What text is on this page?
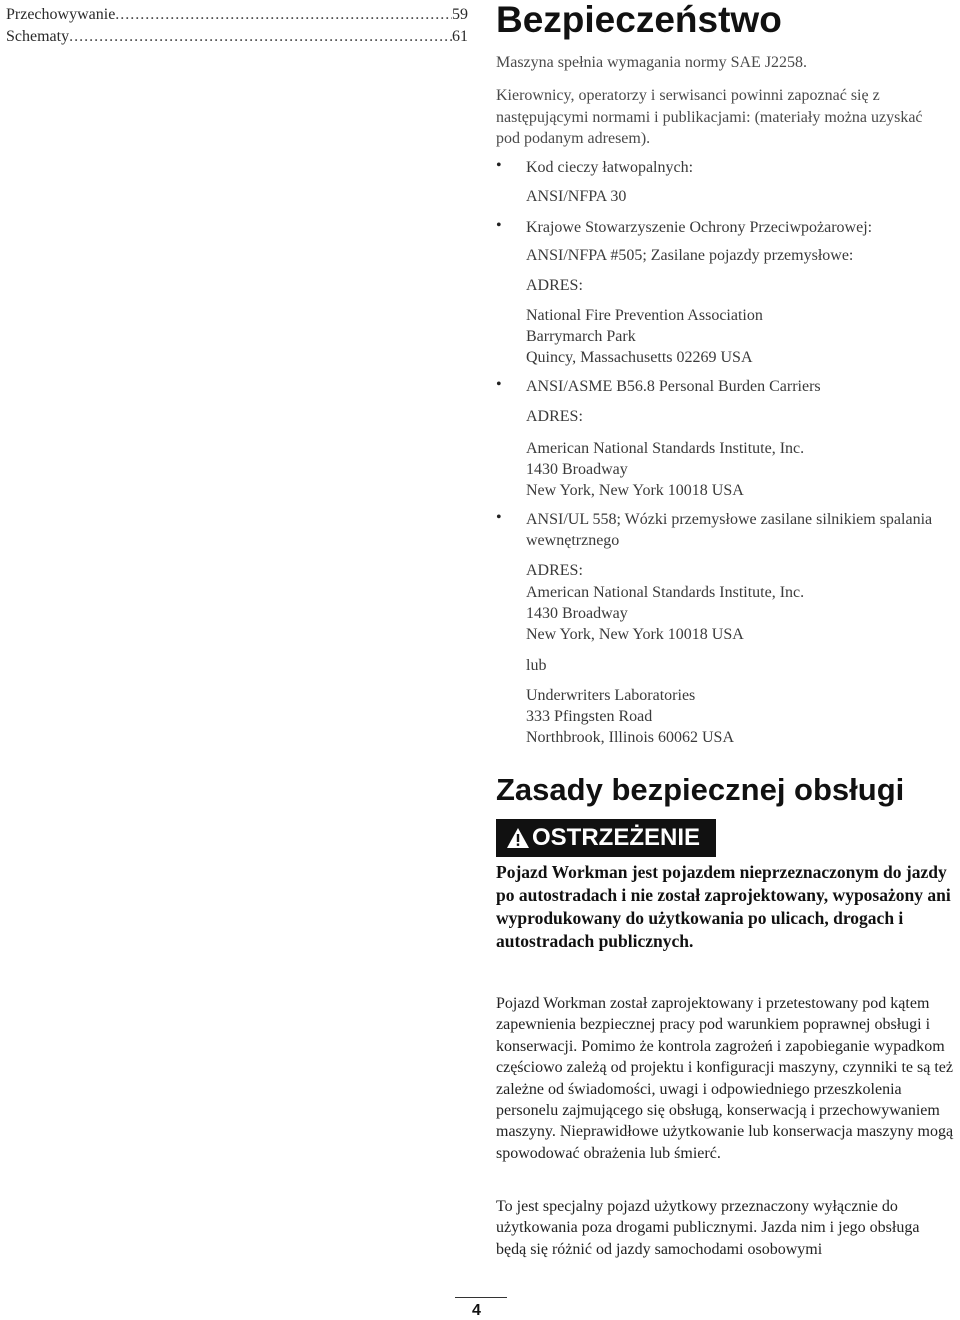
Przechowywanie .....	59
Schematy .....	61 Bezpieczeństwo

Maszyna spełnia wymagania normy SAE J2258.

Kierownicy, operatorzy i serwisanci powinni zapoznać się z następującymi normami i publikacjami: (materiały można uzyskać pod podanym adresem).

• Kod cieczy łatwopalnych:

ANSI/NFPA 30

• Krajowe Stowarzyszenie Ochrony Przeciwpożarowej:

ANSI/NFPA #505; Zasilane pojazdy przemysłowe:

ADRES:

National Fire Prevention Association

Barrymarch Park

Quincy, Massachusetts 02269 USA

• ANSI/ASME B56.8 Personal Burden Carriers

ADRES:

American National Standards Institute, Inc.

1430 Broadway

New York, New York 10018 USA

• ANSI/UL 558; Wózki przemysłowe zasilane silnikiem spalania wewnętrznego

ADRES:

American National Standards Institute, Inc.

1430 Broadway

New York, New York 10018 USA

lub

Underwriters Laboratories

333 Pfingsten Road

Northbrook, Illinois 60062 USA

Zasady bezpiecznej obsługi
OSTRZEŻENIE

Pojazd Workman jest pojazdem nieprzeznaczonym do jazdy po autostradach i nie został zaprojektowany, wyposażony ani wyprodukowany do użytkowania po ulicach, drogach i autostradach publicznych.

Pojazd Workman został zaprojektowany i przetestowany pod kątem zapewnienia bezpiecznej pracy pod warunkiem poprawnej obsługi i konserwacji. Pomimo że kontrola zagrożeń i zapobieganie wypadkom częściowo zależą od projektu i konfiguracji maszyny, czynniki te są też zależne od świadomości, uwagi i odpowiedniego przeszkolenia personelu zajmującego się obsługą, konserwacją i przechowywaniem maszyny. Nieprawidłowe użytkowanie lub konserwacja maszyny mogą spowodować obrażenia lub śmierć.

To jest specjalny pojazd użytkowy przeznaczony wyłącznie do użytkowania poza drogami publicznymi. Jazda nim i jego obsługa będą się różnić od jazdy samochodami osobowymi

4
